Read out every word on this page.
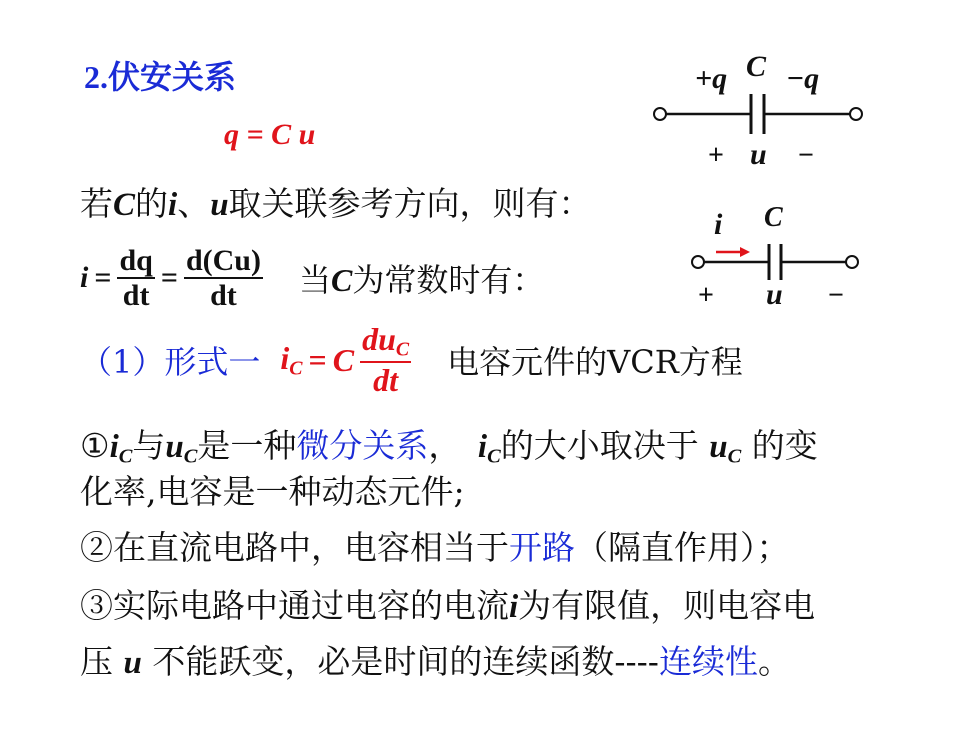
2.伏安关系
q = C u
+q C −q
+ u −
若C的i、u取关联参考方向，则有：
$i = \frac{dq}{dt} = \frac{d(Cu)}{dt}$ 当C为常数时有：
i C
+ u −
（1）形式一 $i_C = C \frac{du_C}{dt}$ 电容元件的VCR方程
$①i_C$与$u_C$是一种微分关系， $i_C$的大小取决于 $u_C$ 的变
化率,电容是一种动态元件;
②在直流电路中，电容相当于开路（隔直作用）；
③实际电路中通过电容的电流i为有限值，则电容电
压 u 不能跃变，必是时间的连续函数----连续性。
